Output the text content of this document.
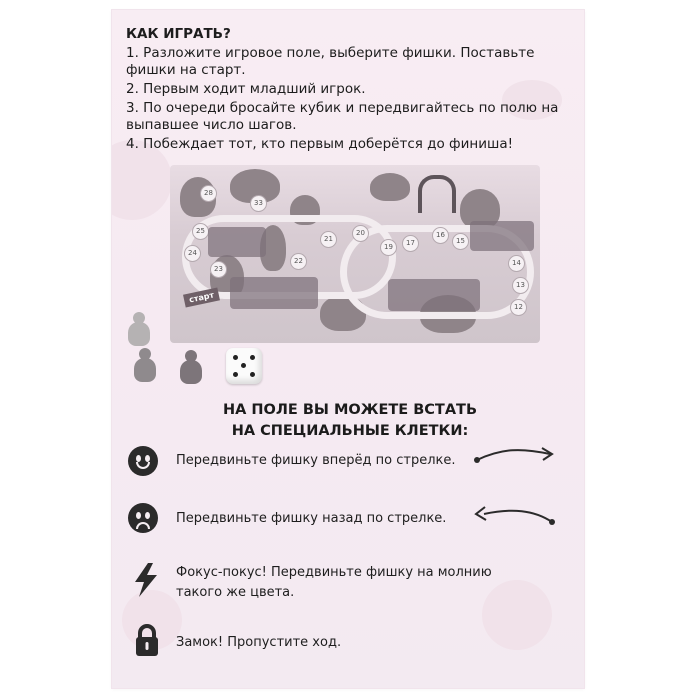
КАК ИГРАТЬ?

1. Разложите игровое поле, выберите фишки. Поставьте фишки на старт.

2. Первым ходит младший игрок.

3. По очереди бросайте кубик и передвигайтесь по полю на выпавшее число шагов.

4. Побеждает тот, кто первым доберётся до финиша!

25
24
23
22
21
20
19	17
16
15
14
13
12
33
28
старт
НА ПОЛЕ ВЫ МОЖЕТЕ ВСТАТЬ
НА СПЕЦИАЛЬНЫЕ КЛЕТКИ:
Передвиньте фишку вперёд по стрелке.
Передвиньте фишку назад по стрелке.
Фокус-покус! Передвиньте фишку на молнию
такого же цвета.
Замок! Пропустите ход.
